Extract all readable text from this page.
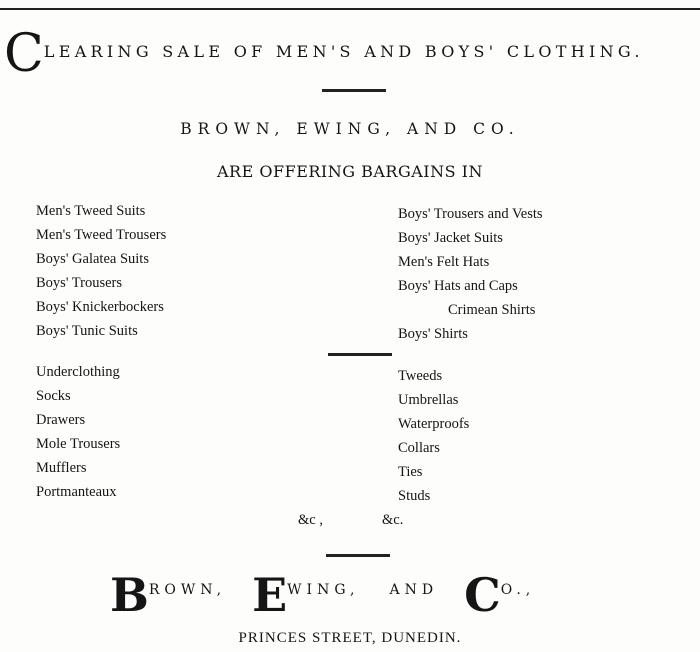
CLEARING SALE OF MEN'S AND BOYS' CLOTHING.
BROWN, EWING, AND CO.
ARE OFFERING BARGAINS IN
Men's Tweed Suits
Men's Tweed Trousers
Boys' Galatea Suits
Boys' Trousers
Boys' Knickerbockers
Boys' Tunic Suits
Boys' Trousers and Vests
Boys' Jacket Suits
Men's Felt Hats
Boys' Hats and Caps
Crimean Shirts
Boys' Shirts
Underclothing
Socks
Drawers
Mole Trousers
Mufflers
Portmanteaux
Tweeds
Umbrellas
Waterproofs
Collars
Ties
Studs
&c ,	&c.
BROWN, EWING, AND CO.,
PRINCES STREET, DUNEDIN.
